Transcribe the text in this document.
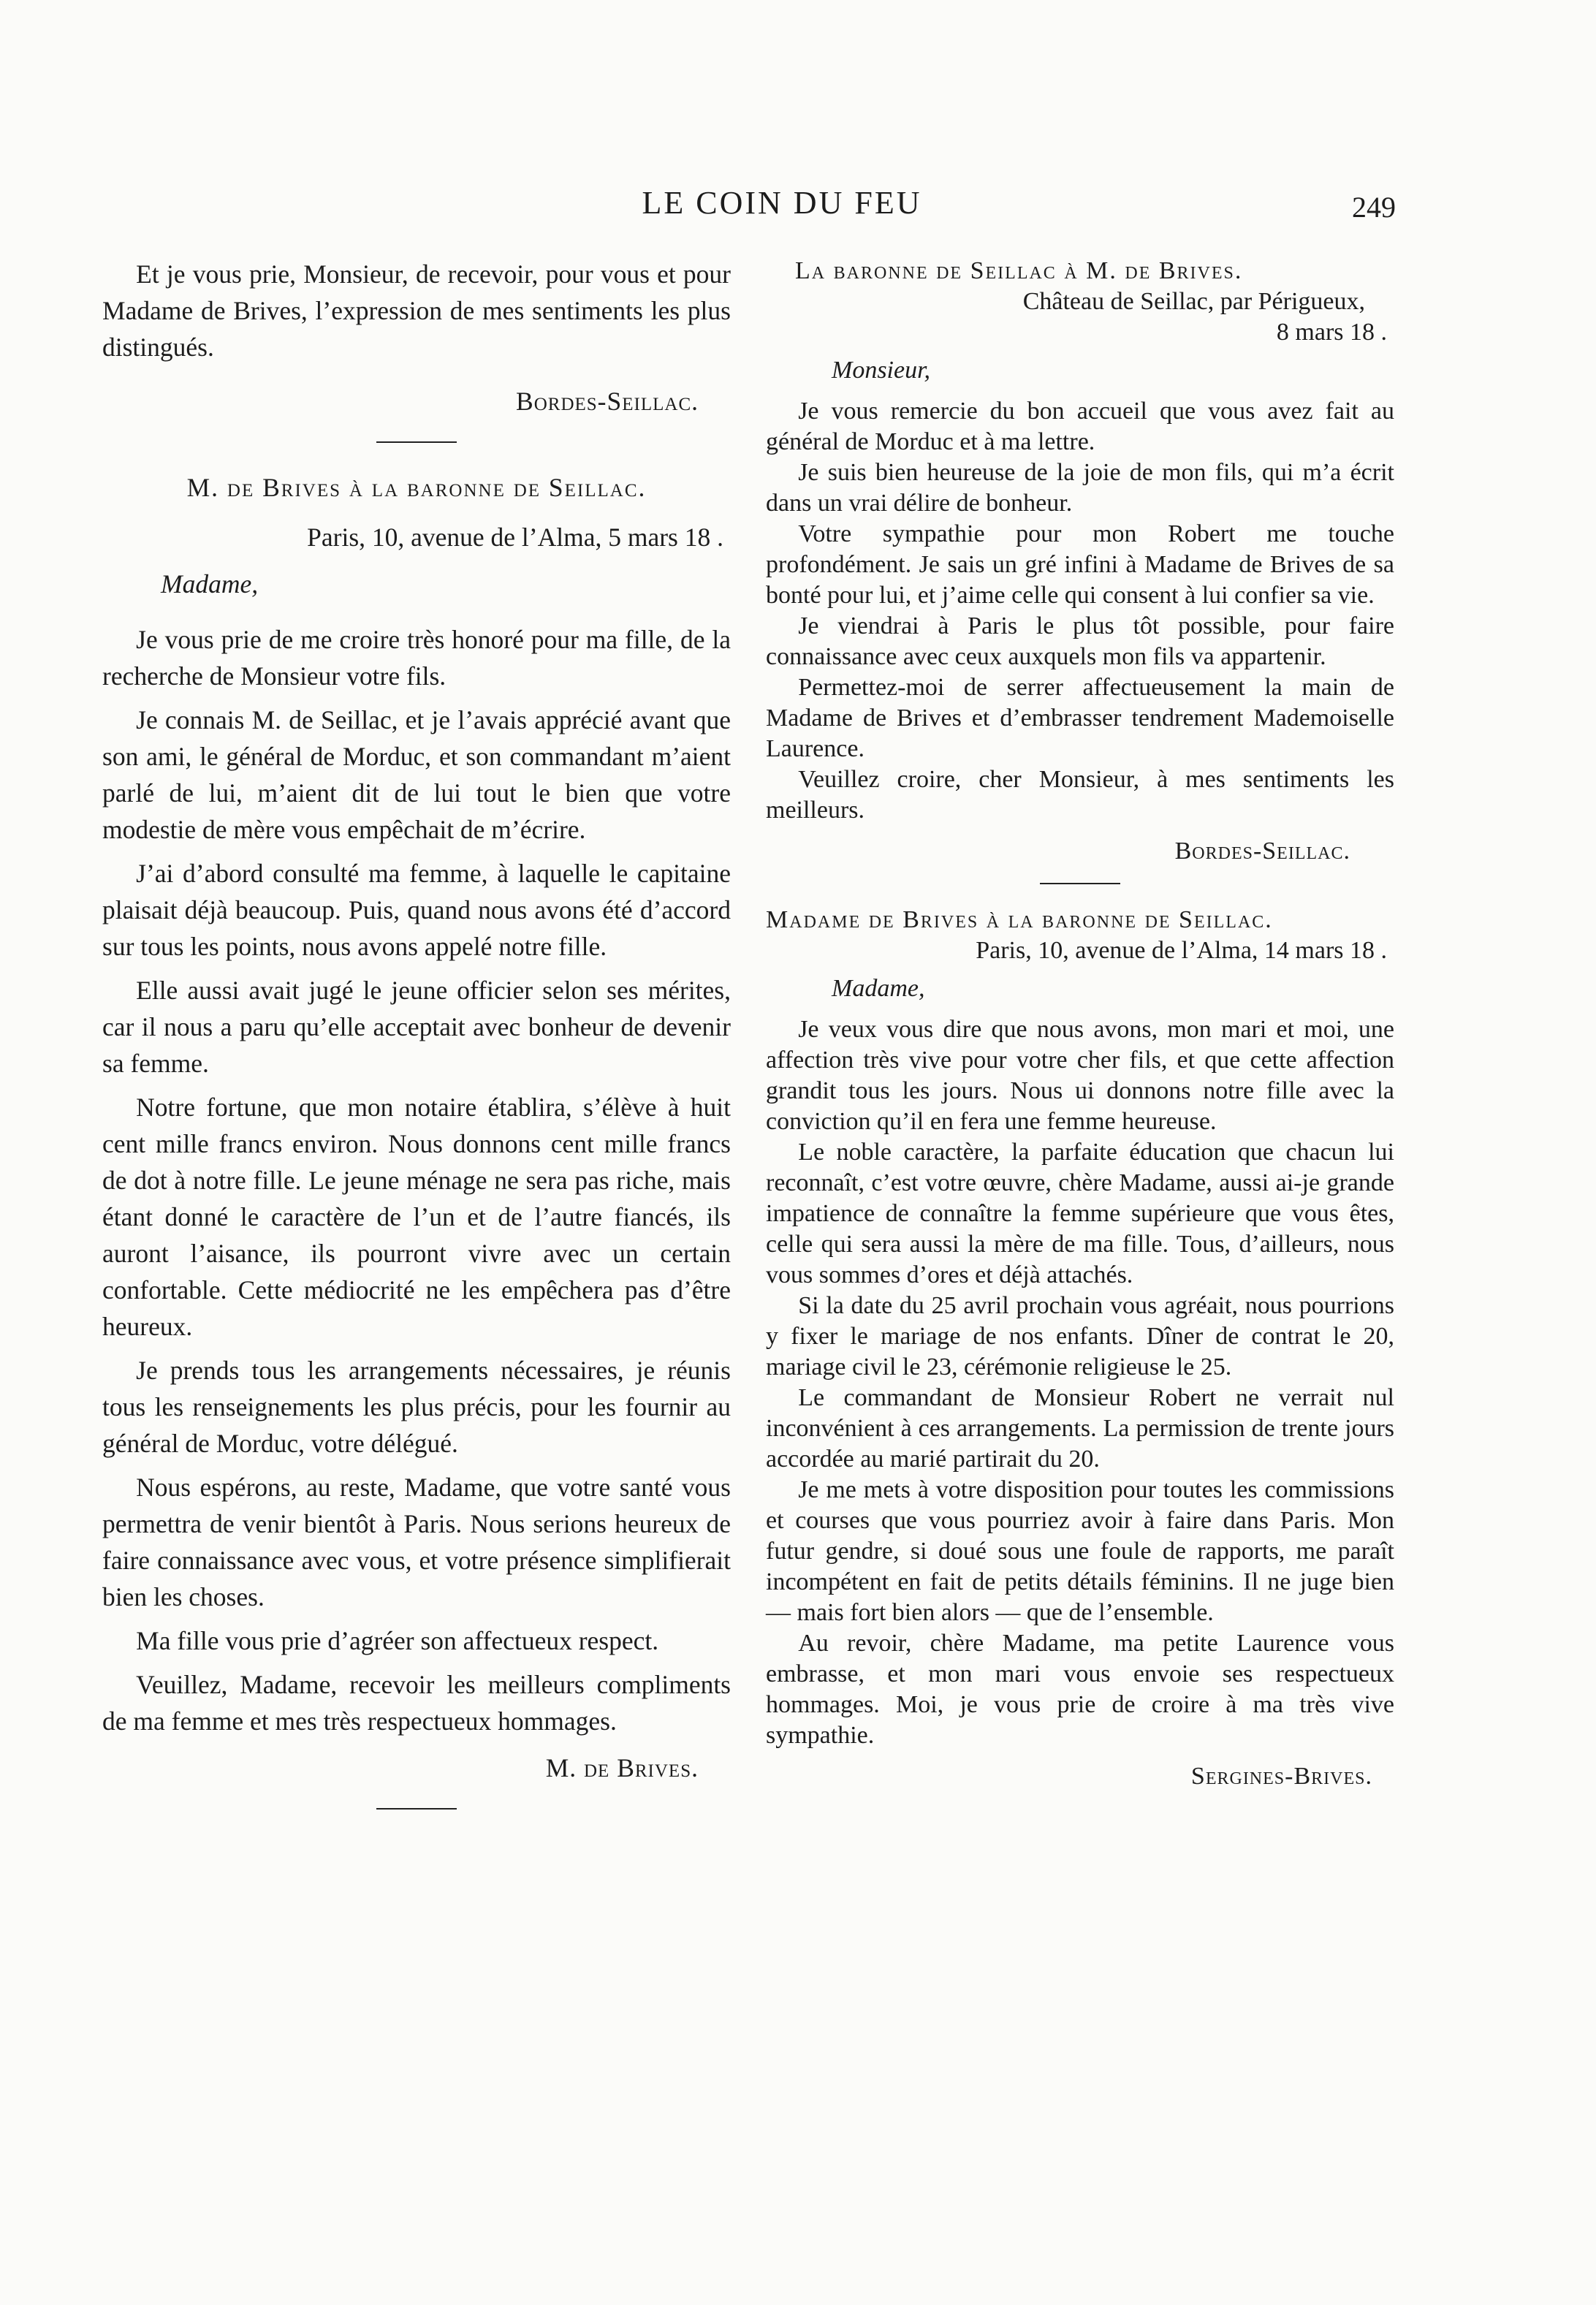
LE COIN DU FEU	249

Et je vous prie, Monsieur, de recevoir, pour vous et pour Madame de Brives, l’expression de mes sentiments les plus distingués.

Bordes-Seillac.

M. de Brives à la baronne de Seillac.

Paris, 10, avenue de l’Alma, 5 mars 18 .

Madame,

Je vous prie de me croire très honoré pour ma fille, de la recherche de Monsieur votre fils.

Je connais M. de Seillac, et je l’avais apprécié avant que son ami, le général de Morduc, et son commandant m’aient parlé de lui, m’aient dit de lui tout le bien que votre modestie de mère vous empêchait de m’écrire.

J’ai d’abord consulté ma femme, à laquelle le capitaine plaisait déjà beaucoup. Puis, quand nous avons été d’accord sur tous les points, nous avons appelé notre fille.

Elle aussi avait jugé le jeune officier selon ses mérites, car il nous a paru qu’elle acceptait avec bonheur de devenir sa femme.

Notre fortune, que mon notaire établira, s’élève à huit cent mille francs environ. Nous donnons cent mille francs de dot à notre fille. Le jeune ménage ne sera pas riche, mais étant donné le caractère de l’un et de l’autre fiancés, ils auront l’aisance, ils pourront vivre avec un certain confortable. Cette médiocrité ne les empêchera pas d’être heureux.

Je prends tous les arrangements nécessaires, je réunis tous les renseignements les plus précis, pour les fournir au général de Morduc, votre délégué.

Nous espérons, au reste, Madame, que votre santé vous permettra de venir bientôt à Paris. Nous serions heureux de faire connaissance avec vous, et votre présence simplifierait bien les choses.

Ma fille vous prie d’agréer son affectueux respect.

Veuillez, Madame, recevoir les meilleurs compliments de ma femme et mes très respectueux hommages.

M. de Brives.

La baronne de Seillac à M. de Brives.

Château de Seillac, par Périgueux,

8 mars 18 .

Monsieur,

Je vous remercie du bon accueil que vous avez fait au général de Morduc et à ma lettre.

Je suis bien heureuse de la joie de mon fils, qui m’a écrit dans un vrai délire de bonheur.

Votre sympathie pour mon Robert me touche profondément. Je sais un gré infini à Madame de Brives de sa bonté pour lui, et j’aime celle qui consent à lui confier sa vie.

Je viendrai à Paris le plus tôt possible, pour faire connaissance avec ceux auxquels mon fils va appartenir.

Permettez-moi de serrer affectueusement la main de Madame de Brives et d’embrasser tendrement Mademoiselle Laurence.

Veuillez croire, cher Monsieur, à mes sentiments les meilleurs.

Bordes-Seillac.

Madame de Brives à la baronne de Seillac.

Paris, 10, avenue de l’Alma, 14 mars 18 .

Madame,

Je veux vous dire que nous avons, mon mari et moi, une affection très vive pour votre cher fils, et que cette affection grandit tous les jours. Nous ui donnons notre fille avec la conviction qu’il en fera une femme heureuse.

Le noble caractère, la parfaite éducation que chacun lui reconnaît, c’est votre œuvre, chère Madame, aussi ai-je grande impatience de connaître la femme supérieure que vous êtes, celle qui sera aussi la mère de ma fille. Tous, d’ailleurs, nous vous sommes d’ores et déjà attachés.

Si la date du 25 avril prochain vous agréait, nous pourrions y fixer le mariage de nos enfants. Dîner de contrat le 20, mariage civil le 23, cérémonie religieuse le 25.

Le commandant de Monsieur Robert ne verrait nul inconvénient à ces arrangements. La permission de trente jours accordée au marié partirait du 20.

Je me mets à votre disposition pour toutes les commissions et courses que vous pourriez avoir à faire dans Paris. Mon futur gendre, si doué sous une foule de rapports, me paraît incompétent en fait de petits détails féminins. Il ne juge bien — mais fort bien alors — que de l’ensemble.

Au revoir, chère Madame, ma petite Laurence vous embrasse, et mon mari vous envoie ses respectueux hommages. Moi, je vous prie de croire à ma très vive sympathie.

Sergines-Brives.
